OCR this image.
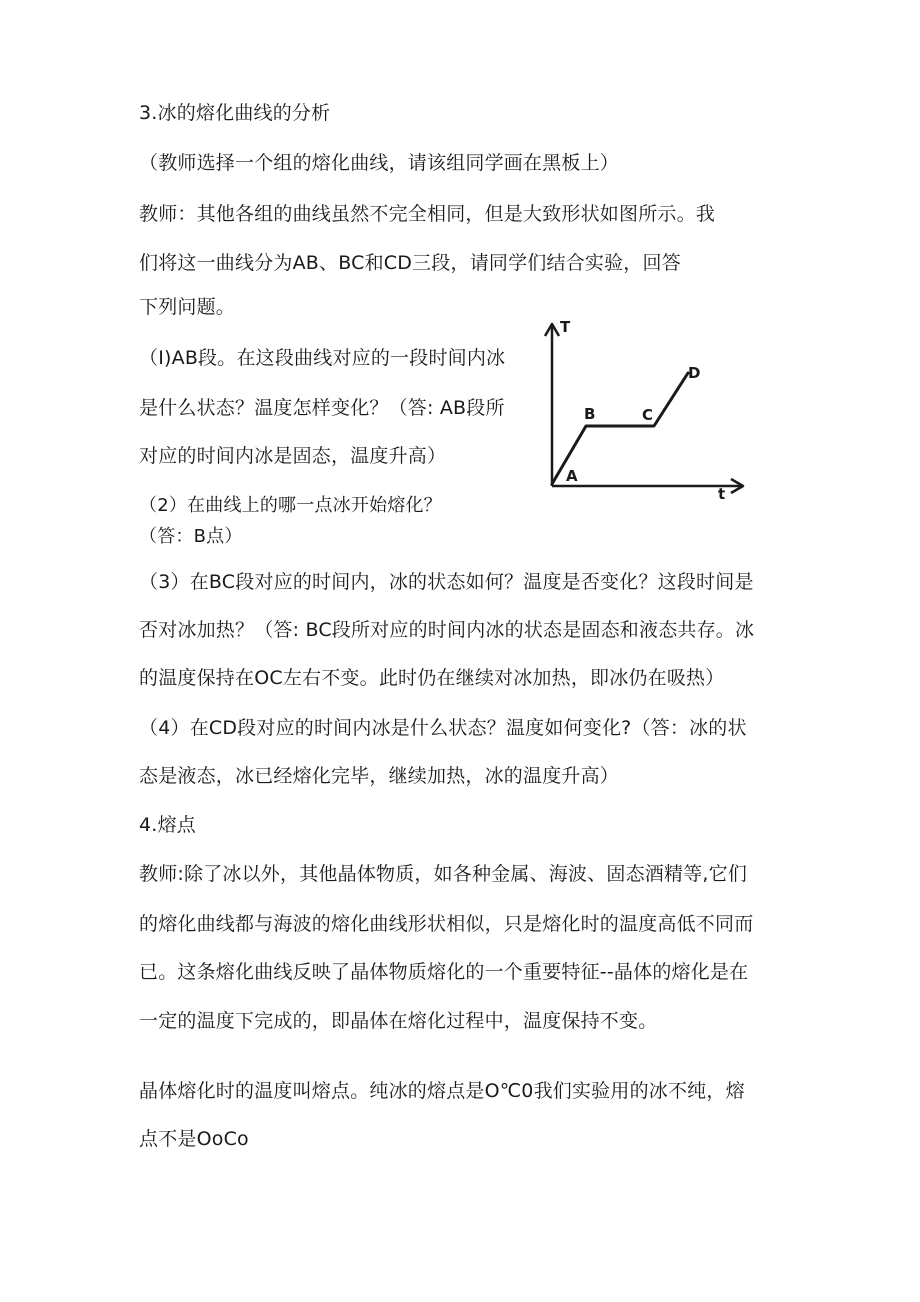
3.冰的熔化曲线的分析
（教师选择一个组的熔化曲线，请该组同学画在黑板上）
教师：其他各组的曲线虽然不完全相同，但是大致形状如图所示。我
们将这一曲线分为AB、BC和CD三段，请同学们结合实验，回答
下列问题。
（I)AB段。在这段曲线对应的一段时间内冰
是什么状态？温度怎样变化？（答: AB段所
对应的时间内冰是固态，温度升高）
（2）在曲线上的哪一点冰开始熔化？
（答：B点）
（3）在BC段对应的时间内，冰的状态如何？温度是否变化？这段时间是
否对冰加热？（答: BC段所对应的时间内冰的状态是固态和液态共存。冰
的温度保持在OC左右不变。此时仍在继续对冰加热，即冰仍在吸热）
（4）在CD段对应的时间内冰是什么状态？温度如何变化?（答：冰的状
态是液态，冰已经熔化完毕，继续加热，冰的温度升高）
4.熔点
教师:除了冰以外，其他晶体物质，如各种金属、海波、固态酒精等,它们
的熔化曲线都与海波的熔化曲线形状相似，只是熔化时的温度高低不同而
已。这条熔化曲线反映了晶体物质熔化的一个重要特征--晶体的熔化是在
一定的温度下完成的，即晶体在熔化过程中，温度保持不变。
晶体熔化时的温度叫熔点。纯冰的熔点是O℃0我们实验用的冰不纯，熔
点不是OoCo
T
t
A
B	C
D
